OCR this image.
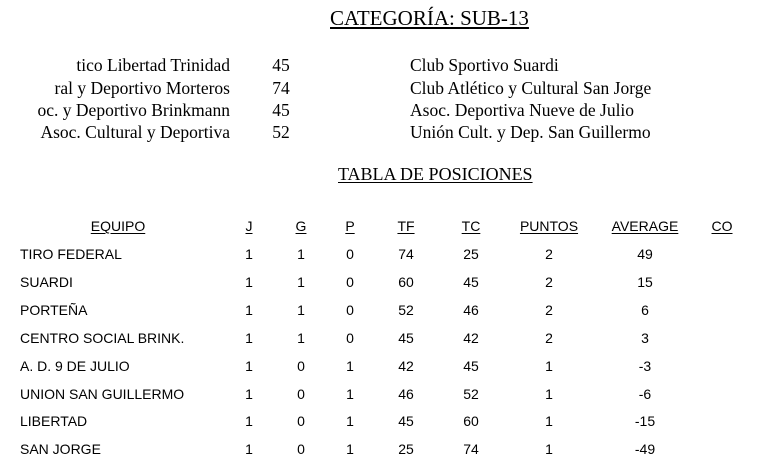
CATEGORÍA: SUB-13
tico Libertad Trinidad 45	Club Sportivo Suardi
ral y Deportivo Morteros 74	Club Atlético y Cultural San Jorge
oc. y Deportivo Brinkmann 45	Asoc. Deportiva Nueve de Julio
Asoc. Cultural y Deportiva 52	Unión Cult. y Dep. San Guillermo
TABLA DE POSICIONES
EQUIPO	J	G	P	TF	TC	PUNTOS	AVERAGE	CO
TIRO FEDERAL	1	1	0	74	25	2	49
SUARDI	1	1	0	60	45	2	15
PORTEÑA	1	1	0	52	46	2	6
CENTRO SOCIAL BRINK.	1	1	0	45	42	2	3
A. D. 9 DE JULIO	1	0	1	42	45	1	-3
UNION SAN GUILLERMO	1	0	1	46	52	1	-6
LIBERTAD	1	0	1	45	60	1	-15
SAN JORGE	1	0	1	25	74	1	-49
